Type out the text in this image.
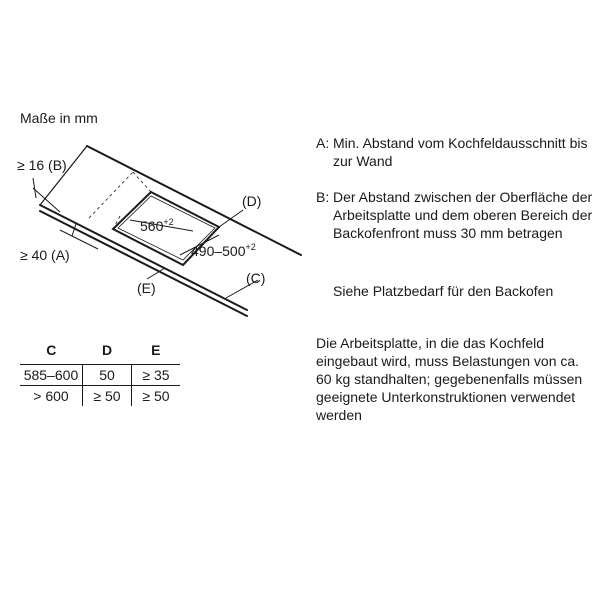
Maße in mm
$560^{+2}$
$490-500^{+2}$
≥ 16 (B)
≥ 40 (A)
(D)
(C)
(E)
A: Min. Abstand vom Kochfeldausschnitt bis zur Wand
B: Der Abstand zwischen der Oberfläche der Arbeitsplatte und dem oberen Bereich der Backofenfront muss 30 mm betragen
Siehe Platzbedarf für den Backofen
Die Arbeitsplatte, in die das Kochfeld eingebaut wird, muss Belastungen von ca. 60 kg standhalten; gegebenenfalls müssen geeignete Unterkonstruktionen verwendet werden
C	D	E
585–600	50	≥ 35
> 600	≥ 50	≥ 50
